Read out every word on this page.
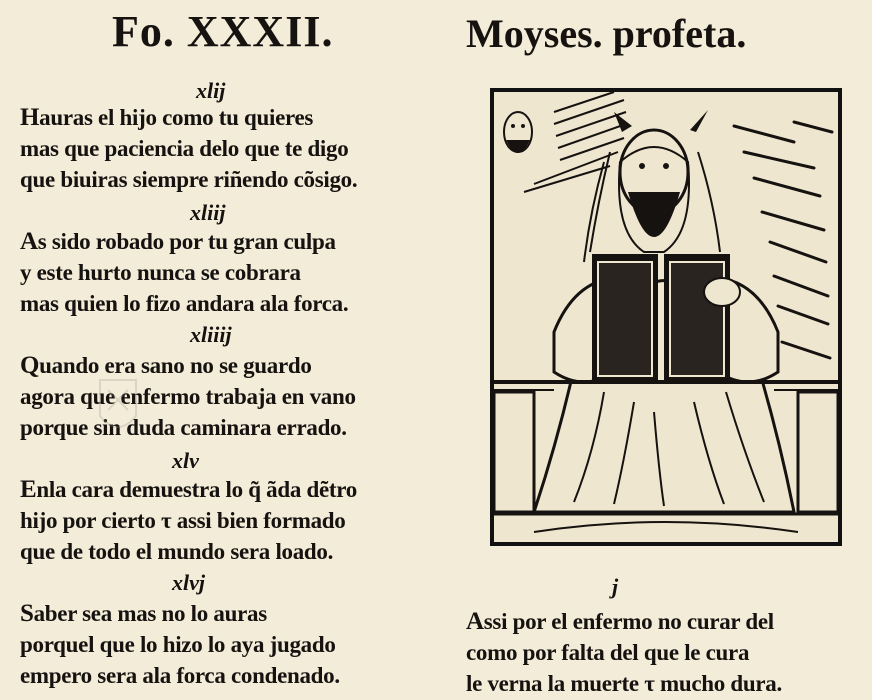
Fo. XXXII.	Moyses. profeta.
xlij
Hauras el hijo como tu quieres
mas que paciencia delo que te digo
que biuiras siempre riñendo cõsigo.
xliij
As sido robado por tu gran culpa
y este hurto nunca se cobrara
mas quien lo fizo andara ala forca.
xliiij
Quando era sano no se guardo
agora que enfermo trabaja en vano
porque sin duda caminara errado.
xlv
Enla cara demuestra lo q̃ ãda dẽtro
hijo por cierto τ assi bien formado
que de todo el mundo sera loado.
xlvj
Saber sea mas no lo auras
porquel que lo hizo lo aya jugado
empero sera ala forca condenado.
j
Assi por el enfermo no curar del
como por falta del que le cura
le verna la muerte τ mucho dura.
